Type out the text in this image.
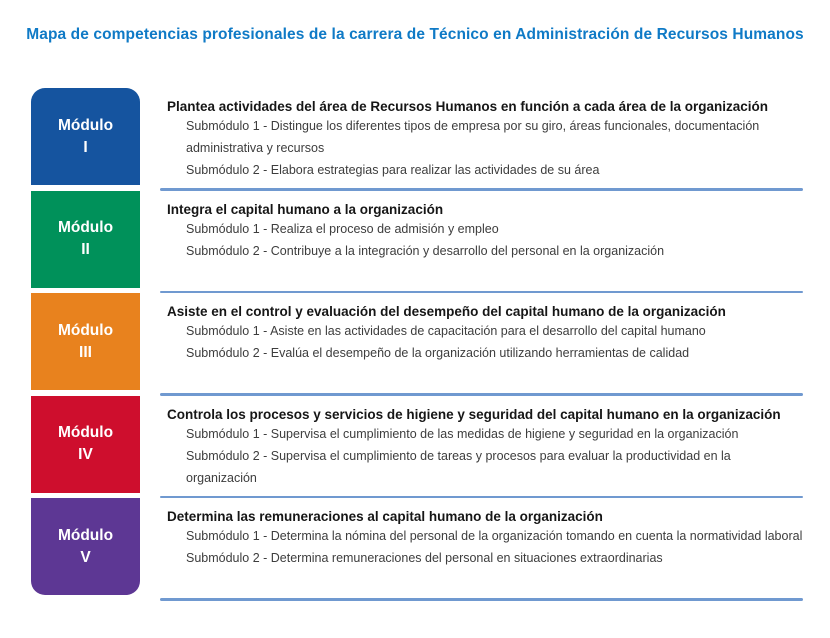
Mapa de competencias profesionales de la carrera de Técnico en Administración de Recursos Humanos
Módulo
I

Plantea actividades del área de Recursos Humanos en función a cada área de la organización

Submódulo 1 - Distingue los diferentes tipos de empresa por su giro, áreas funcionales, documentación administrativa y recursos

Submódulo 2 - Elabora estrategias para realizar las actividades de su área

Módulo
II

Integra el capital humano a la organización

Submódulo 1 - Realiza el proceso de admisión y empleo

Submódulo 2 - Contribuye a la integración y desarrollo del personal en la organización

Módulo
III

Asiste en el control y evaluación del desempeño del capital humano de la organización

Submódulo 1 - Asiste en las actividades de capacitación para el desarrollo del capital humano

Submódulo 2 - Evalúa el desempeño de la organización utilizando herramientas de calidad

Módulo
IV

Controla los procesos y servicios de higiene y seguridad del capital humano en la organización

Submódulo 1 - Supervisa el cumplimiento de las medidas de higiene y seguridad en la organización

Submódulo 2 - Supervisa el cumplimiento de tareas y procesos para evaluar la productividad en la organización

Módulo
V

Determina las remuneraciones al capital humano de la organización

Submódulo 1 - Determina la nómina del personal de la organización tomando en cuenta la normatividad laboral

Submódulo 2 - Determina remuneraciones del personal en situaciones extraordinarias
